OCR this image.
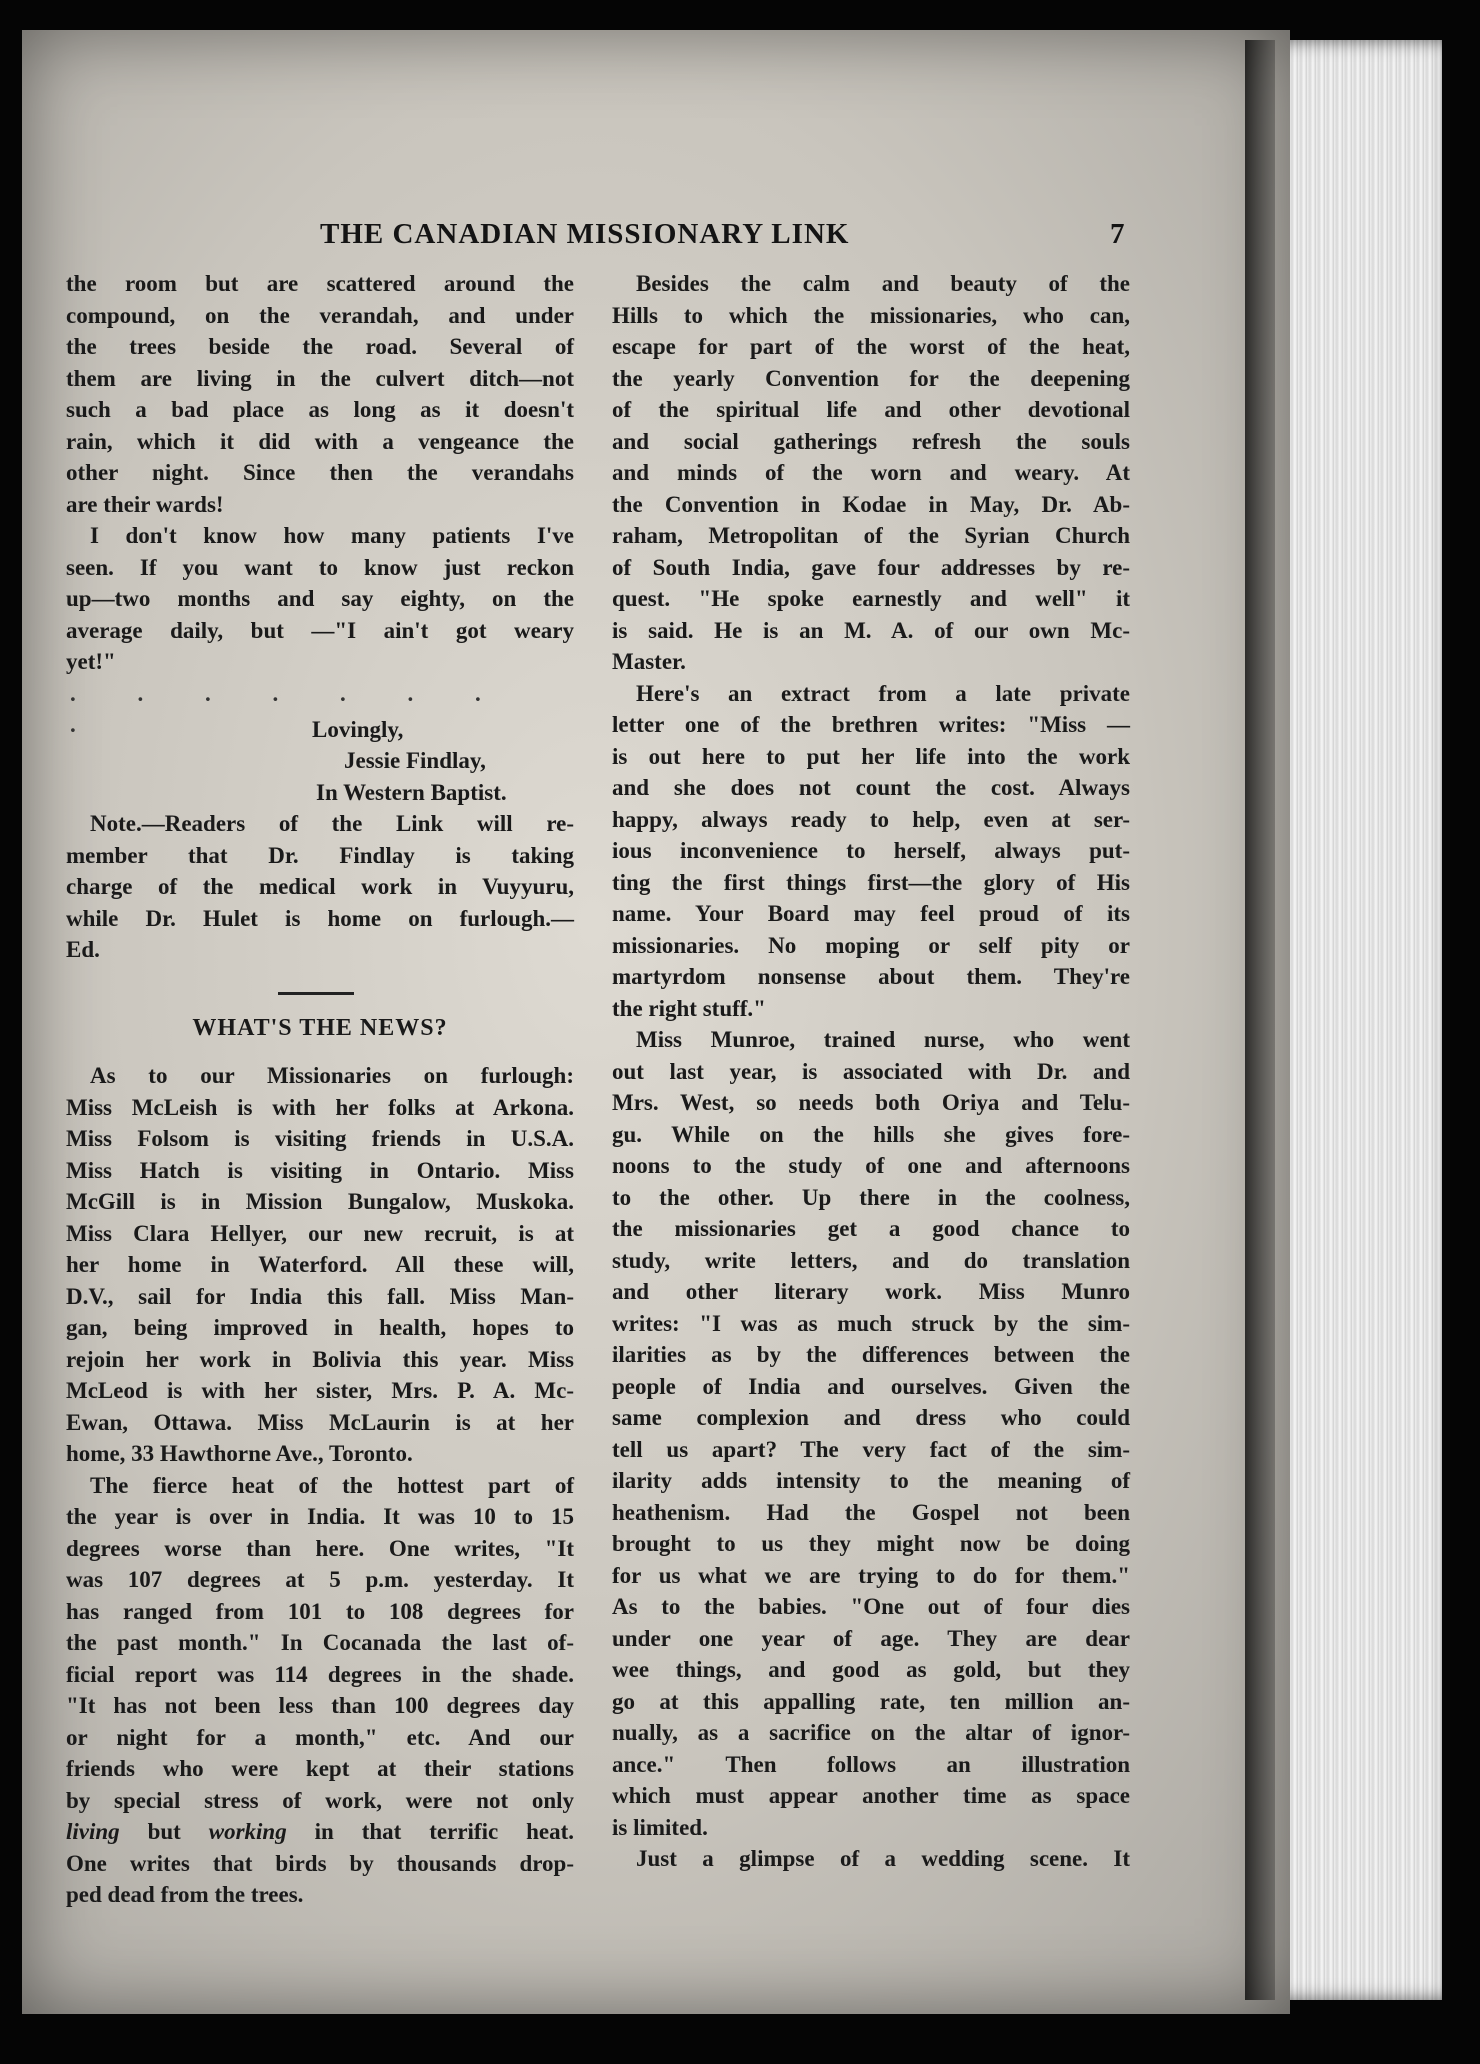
THE CANADIAN MISSIONARY LINK	7
the room but are scattered around the
compound, on the verandah, and under
the trees beside the road. Several of
them are living in the culvert ditch—not
such a bad place as long as it doesn't
rain, which it did with a vengeance the
other night. Since then the verandahs
are their wards!
I don't know how many patients I've
seen. If you want to know just reckon
up—two months and say eighty, on the
average daily, but —"I ain't got weary
yet!"
. . . . . . . .	Lovingly,
Jessie Findlay,
In Western Baptist.
Note.—Readers of the Link will re-
member that Dr. Findlay is taking
charge of the medical work in Vuyyuru,
while Dr. Hulet is home on furlough.—
Ed.
WHAT'S THE NEWS?
As to our Missionaries on furlough:
Miss McLeish is with her folks at Arkona.
Miss Folsom is visiting friends in U.S.A.
Miss Hatch is visiting in Ontario. Miss
McGill is in Mission Bungalow, Muskoka.
Miss Clara Hellyer, our new recruit, is at
her home in Waterford. All these will,
D.V., sail for India this fall. Miss Man-
gan, being improved in health, hopes to
rejoin her work in Bolivia this year. Miss
McLeod is with her sister, Mrs. P. A. Mc-
Ewan, Ottawa. Miss McLaurin is at her
home, 33 Hawthorne Ave., Toronto.
The fierce heat of the hottest part of
the year is over in India. It was 10 to 15
degrees worse than here. One writes, "It
was 107 degrees at 5 p.m. yesterday. It
has ranged from 101 to 108 degrees for
the past month." In Cocanada the last of-
ficial report was 114 degrees in the shade.
"It has not been less than 100 degrees day
or night for a month," etc. And our
friends who were kept at their stations
by special stress of work, were not only
living but working in that terrific heat.
One writes that birds by thousands drop-
ped dead from the trees.
Besides the calm and beauty of the
Hills to which the missionaries, who can,
escape for part of the worst of the heat,
the yearly Convention for the deepening
of the spiritual life and other devotional
and social gatherings refresh the souls
and minds of the worn and weary. At
the Convention in Kodae in May, Dr. Ab-
raham, Metropolitan of the Syrian Church
of South India, gave four addresses by re-
quest. "He spoke earnestly and well" it
is said. He is an M. A. of our own Mc-
Master.
Here's an extract from a late private
letter one of the brethren writes: "Miss —
is out here to put her life into the work
and she does not count the cost. Always
happy, always ready to help, even at ser-
ious inconvenience to herself, always put-
ting the first things first—the glory of His
name. Your Board may feel proud of its
missionaries. No moping or self pity or
martyrdom nonsense about them. They're
the right stuff."
Miss Munroe, trained nurse, who went
out last year, is associated with Dr. and
Mrs. West, so needs both Oriya and Telu-
gu. While on the hills she gives fore-
noons to the study of one and afternoons
to the other. Up there in the coolness,
the missionaries get a good chance to
study, write letters, and do translation
and other literary work. Miss Munro
writes: "I was as much struck by the sim-
ilarities as by the differences between the
people of India and ourselves. Given the
same complexion and dress who could
tell us apart? The very fact of the sim-
ilarity adds intensity to the meaning of
heathenism. Had the Gospel not been
brought to us they might now be doing
for us what we are trying to do for them."
As to the babies. "One out of four dies
under one year of age. They are dear
wee things, and good as gold, but they
go at this appalling rate, ten million an-
nually, as a sacrifice on the altar of ignor-
ance." Then follows an illustration
which must appear another time as space
is limited.
Just a glimpse of a wedding scene. It
